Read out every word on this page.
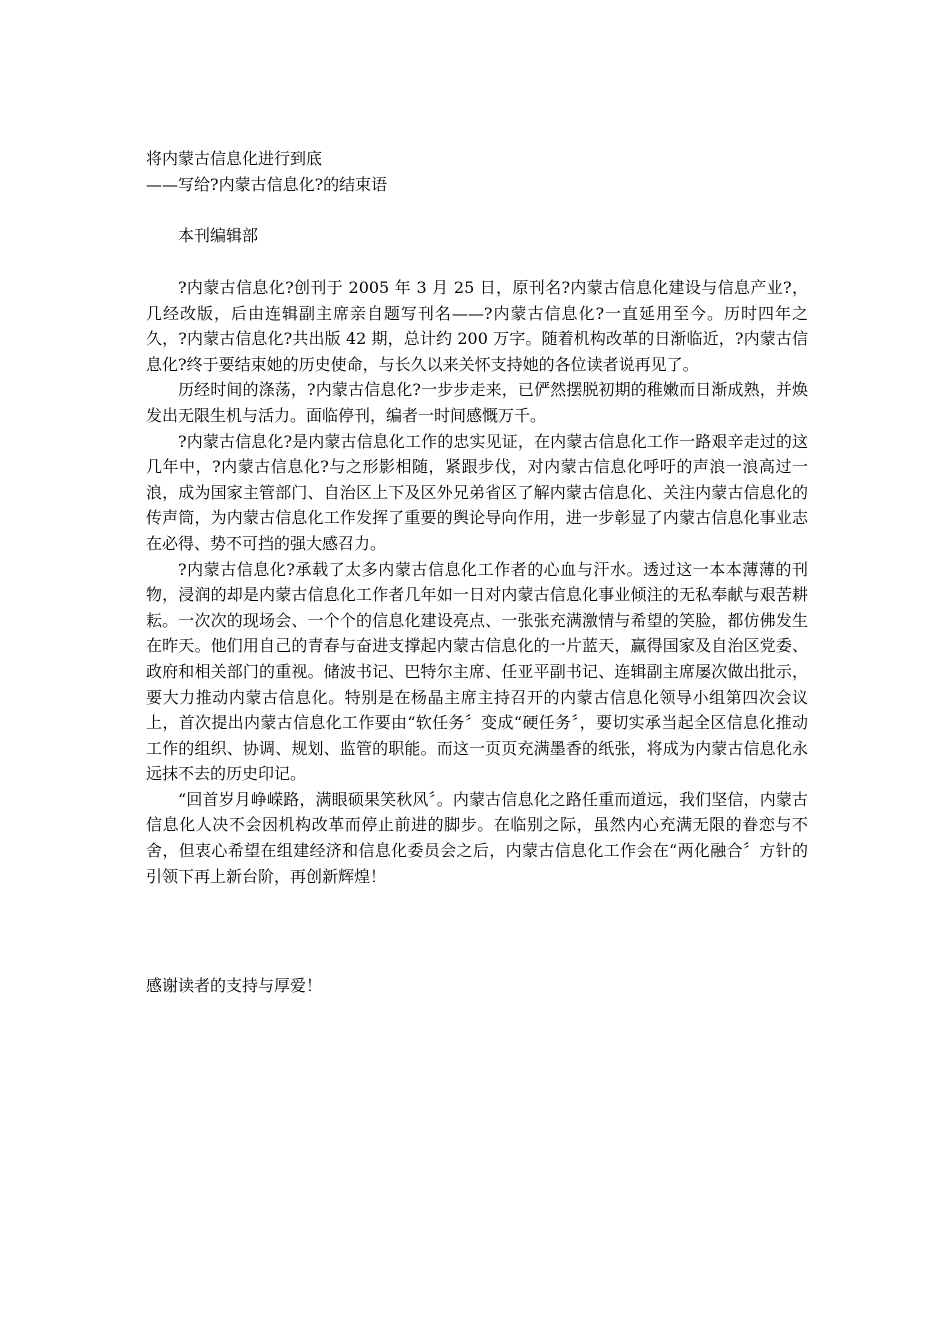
将内蒙古信息化进行到底

——写给?内蒙古信息化?的结束语

本刊编辑部

?内蒙古信息化?创刊于 2005 年 3 月 25 日，原刊名?内蒙古信息化建设与信息产业?，几经改版，后由连辑副主席亲自题写刊名——?内蒙古信息化?一直延用至今。历时四年之久，?内蒙古信息化?共出版 42 期，总计约 200 万字。随着机构改革的日渐临近，?内蒙古信息化?终于要结束她的历史使命，与长久以来关怀支持她的各位读者说再见了。

历经时间的涤荡，?内蒙古信息化?一步步走来，已俨然摆脱初期的稚嫩而日渐成熟，并焕发出无限生机与活力。面临停刊，编者一时间感慨万千。

?内蒙古信息化?是内蒙古信息化工作的忠实见证，在内蒙古信息化工作一路艰辛走过的这几年中，?内蒙古信息化?与之形影相随，紧跟步伐，对内蒙古信息化呼吁的声浪一浪高过一浪，成为国家主管部门、自治区上下及区外兄弟省区了解内蒙古信息化、关注内蒙古信息化的传声筒，为内蒙古信息化工作发挥了重要的舆论导向作用，进一步彰显了内蒙古信息化事业志在必得、势不可挡的强大感召力。

?内蒙古信息化?承载了太多内蒙古信息化工作者的心血与汗水。透过这一本本薄薄的刊物，浸润的却是内蒙古信息化工作者几年如一日对内蒙古信息化事业倾注的无私奉献与艰苦耕耘。一次次的现场会、一个个的信息化建设亮点、一张张充满激情与希望的笑脸，都仿佛发生在昨天。他们用自己的青春与奋进支撑起内蒙古信息化的一片蓝天，赢得国家及自治区党委、政府和相关部门的重视。储波书记、巴特尔主席、任亚平副书记、连辑副主席屡次做出批示，要大力推动内蒙古信息化。特别是在杨晶主席主持召开的内蒙古信息化领导小组第四次会议上，首次提出内蒙古信息化工作要由“软任务〞变成“硬任务〞，要切实承当起全区信息化推动工作的组织、协调、规划、监管的职能。而这一页页充满墨香的纸张，将成为内蒙古信息化永远抹不去的历史印记。

“回首岁月峥嵘路，满眼硕果笑秋风〞。内蒙古信息化之路任重而道远，我们坚信，内蒙古信息化人决不会因机构改革而停止前进的脚步。在临别之际，虽然内心充满无限的眷恋与不舍，但衷心希望在组建经济和信息化委员会之后，内蒙古信息化工作会在“两化融合〞方针的引领下再上新台阶，再创新辉煌！

感谢读者的支持与厚爱！
